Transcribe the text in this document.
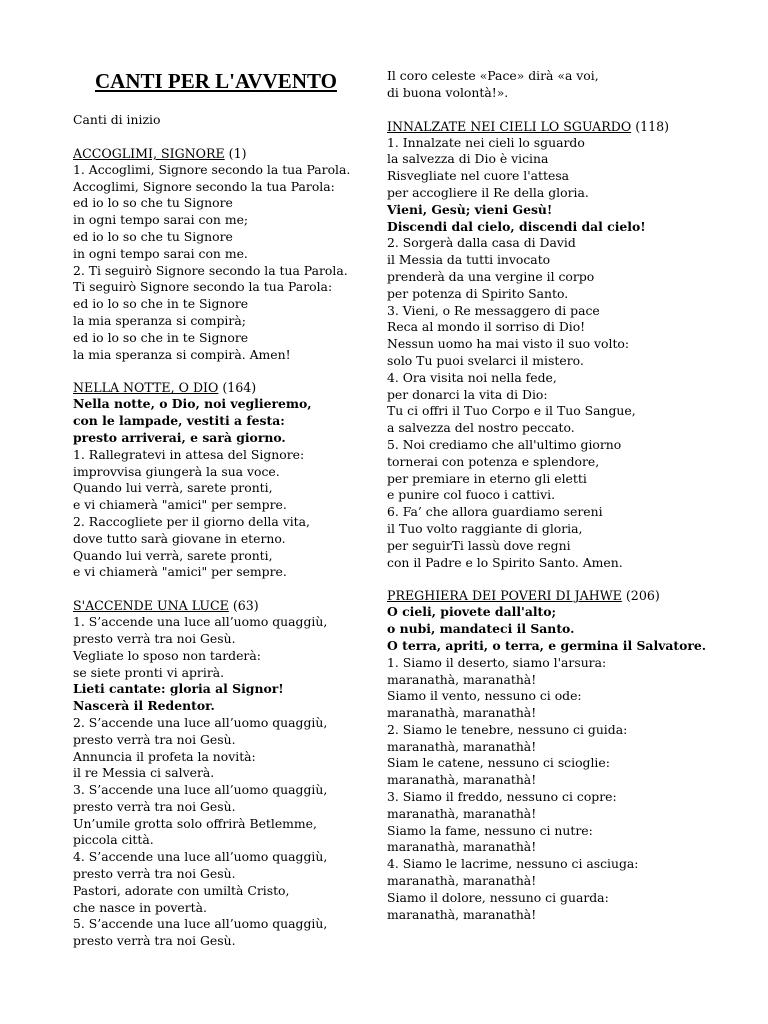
CANTI PER L'AVVENTO
Canti di inizio
ACCOGLIMI, SIGNORE (1)
1. Accoglimi, Signore secondo la tua Parola.
Accoglimi, Signore secondo la tua Parola:
ed io lo so che tu Signore
in ogni tempo sarai con me;
ed io lo so che tu Signore
in ogni tempo sarai con me.
2. Ti seguirò Signore secondo la tua Parola.
Ti seguirò Signore secondo la tua Parola:
ed io lo so che in te Signore
la mia speranza si compirà;
ed io lo so che in te Signore
la mia speranza si compirà. Amen!
NELLA NOTTE, O DIO (164)
Nella notte, o Dio, noi veglieremo,
con le lampade, vestiti a festa:
presto arriverai, e sarà giorno.
1. Rallegratevi in attesa del Signore:
improvvisa giungerà la sua voce.
Quando lui verrà, sarete pronti,
e vi chiamerà "amici" per sempre.
2. Raccogliete per il giorno della vita,
dove tutto sarà giovane in eterno.
Quando lui verrà, sarete pronti,
e vi chiamerà "amici" per sempre.
S'ACCENDE UNA LUCE (63)
1. S’accende una luce all’uomo quaggiù,
presto verrà tra noi Gesù.
Vegliate lo sposo non tarderà:
se siete pronti vi aprirà.
Lieti cantate: gloria al Signor!
Nascerà il Redentor.
2. S’accende una luce all’uomo quaggiù,
presto verrà tra noi Gesù.
Annuncia il profeta la novità:
il re Messia ci salverà.
3. S’accende una luce all’uomo quaggiù,
presto verrà tra noi Gesù.
Un’umile grotta solo offrirà Betlemme,
piccola città.
4. S’accende una luce all’uomo quaggiù,
presto verrà tra noi Gesù.
Pastori, adorate con umiltà Cristo,
che nasce in povertà.
5. S’accende una luce all’uomo quaggiù,
presto verrà tra noi Gesù.
Il coro celeste «Pace» dirà «a voi,
di buona volontà!».
INNALZATE NEI CIELI LO SGUARDO (118)
1. Innalzate nei cieli lo sguardo
la salvezza di Dio è vicina
Risvegliate nel cuore l'attesa
per accogliere il Re della gloria.
Vieni, Gesù; vieni Gesù!
Discendi dal cielo, discendi dal cielo!
2. Sorgerà dalla casa di David
il Messia da tutti invocato
prenderà da una vergine il corpo
per potenza di Spirito Santo.
3. Vieni, o Re messaggero di pace
Reca al mondo il sorriso di Dio!
Nessun uomo ha mai visto il suo volto:
solo Tu puoi svelarci il mistero.
4. Ora visita noi nella fede,
per donarci la vita di Dio:
Tu ci offri il Tuo Corpo e il Tuo Sangue,
a salvezza del nostro peccato.
5. Noi crediamo che all'ultimo giorno
tornerai con potenza e splendore,
per premiare in eterno gli eletti
e punire col fuoco i cattivi.
6. Fa’ che allora guardiamo sereni
il Tuo volto raggiante di gloria,
per seguirTi lassù dove regni
con il Padre e lo Spirito Santo. Amen.
PREGHIERA DEI POVERI DI JAHWE (206)
O cieli, piovete dall'alto;
o nubi, mandateci il Santo.
O terra, apriti, o terra, e germina il Salvatore.
1. Siamo il deserto, siamo l'arsura:
maranathà, maranathà!
Siamo il vento, nessuno ci ode:
maranathà, maranathà!
2. Siamo le tenebre, nessuno ci guida:
maranathà, maranathà!
Siam le catene, nessuno ci scioglie:
maranathà, maranathà!
3. Siamo il freddo, nessuno ci copre:
maranathà, maranathà!
Siamo la fame, nessuno ci nutre:
maranathà, maranathà!
4. Siamo le lacrime, nessuno ci asciuga:
maranathà, maranathà!
Siamo il dolore, nessuno ci guarda:
maranathà, maranathà!
